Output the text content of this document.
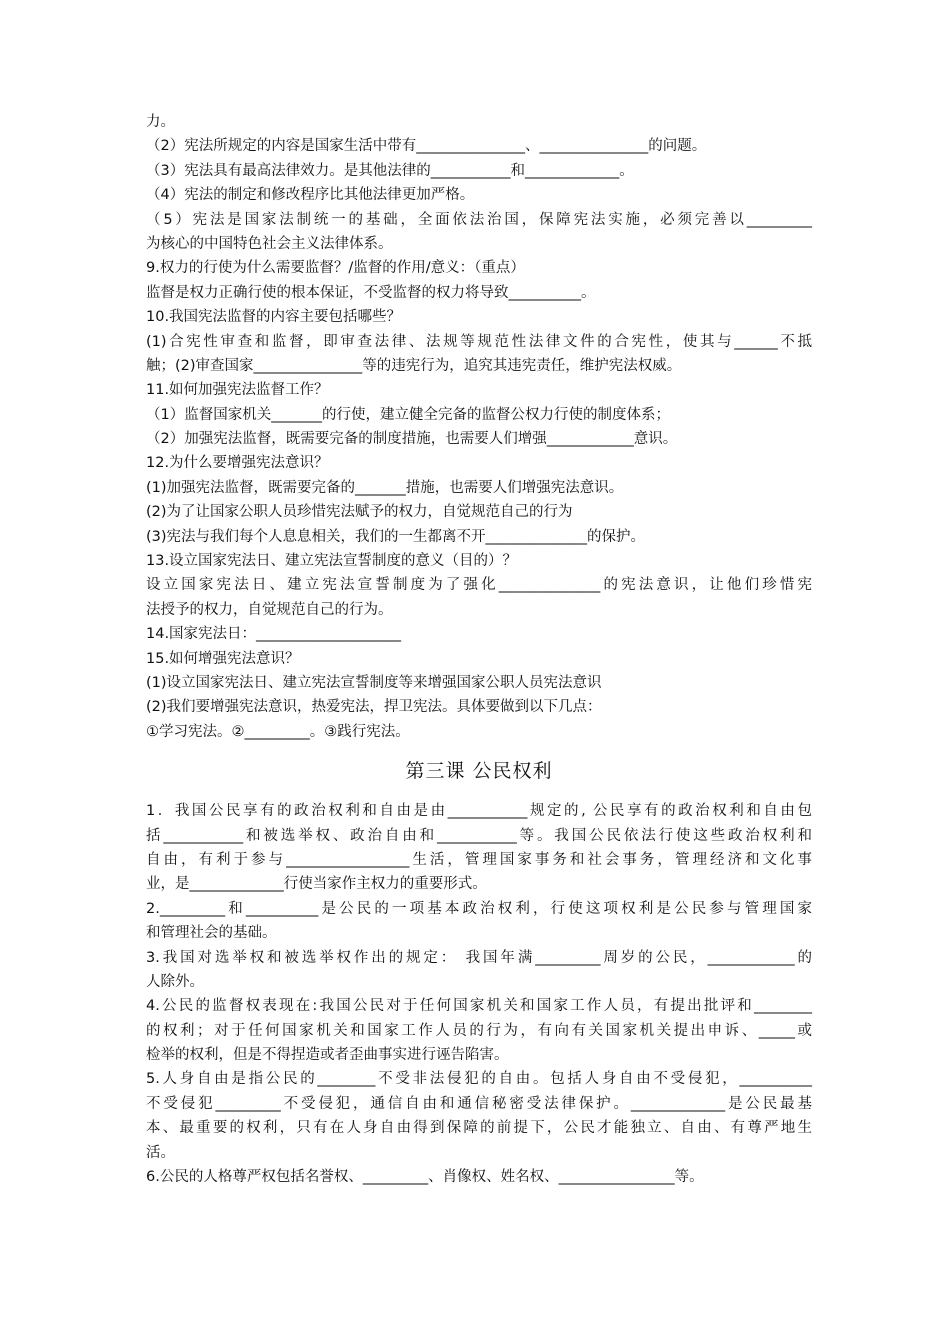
力。
（2）宪法所规定的内容是国家生活中带有_______________、_______________的问题。
（3）宪法具有最高法律效力。是其他法律的___________和_____________。
（4）宪法的制定和修改程序比其他法律更加严格。
（5）宪法是国家法制统一的基础，全面依法治国，保障宪法实施，必须完善以_________
为核心的中国特色社会主义法律体系。
9.权力的行使为什么需要监督？/监督的作用/意义：（重点）
监督是权力正确行使的根本保证，不受监督的权力将导致__________。
10.我国宪法监督的内容主要包括哪些？
(1)合宪性审查和监督，即审查法律、法规等规范性法律文件的合宪性，使其与______不抵
触；(2)审查国家_______________等的违宪行为，追究其违宪责任，维护宪法权威。
11.如何加强宪法监督工作？
（1）监督国家机关_______的行使，建立健全完备的监督公权力行使的制度体系；
（2）加强宪法监督，既需要完备的制度措施，也需要人们增强____________意识。
12.为什么要增强宪法意识？
(1)加强宪法监督，既需要完备的_______措施，也需要人们增强宪法意识。
(2)为了让国家公职人员珍惜宪法赋予的权力，自觉规范自己的行为
(3)宪法与我们每个人息息相关，我们的一生都离不开______________的保护。
13.设立国家宪法日、建立宪法宣誓制度的意义（目的）？
设立国家宪法日、建立宪法宣誓制度为了强化______________的宪法意识，让他们珍惜宪
法授予的权力，自觉规范自己的行为。
14.国家宪法日：____________________
15.如何增强宪法意识？
(1)设立国家宪法日、建立宪法宣誓制度等来增强国家公职人员宪法意识
(2)我们要增强宪法意识，热爱宪法，捍卫宪法。具体要做到以下几点：
①学习宪法。②_________。③践行宪法。
第三课 公民权利
1．我国公民享有的政治权利和自由是由___________规定的, 公民享有的政治权利和自由包
括___________和被选举权、政治自由和___________等。我国公民依法行使这些政治权利和
自由，有利于参与_________________生活，管理国家事务和社会事务，管理经济和文化事
业，是_____________行使当家作主权力的重要形式。
2._________和__________是公民的一项基本政治权利，行使这项权利是公民参与管理国家
和管理社会的基础。
3.我国对选举权和被选举权作出的规定： 我国年满_________周岁的公民，____________的
人除外。
4.公民的监督权表现在:我国公民对于任何国家机关和国家工作人员，有提出批评和________
的权利；对于任何国家机关和国家工作人员的行为，有向有关国家机关提出申诉、_____或
检举的权利，但是不得捏造或者歪曲事实进行诬告陷害。
5.人身自由是指公民的________不受非法侵犯的自由。包括人身自由不受侵犯，__________
不受侵犯_________不受侵犯，通信自由和通信秘密受法律保护。_____________是公民最基
本、最重要的权利，只有在人身自由得到保障的前提下，公民才能独立、自由、有尊严地生
活。
6.公民的人格尊严权包括名誉权、_________、肖像权、姓名权、________________等。
